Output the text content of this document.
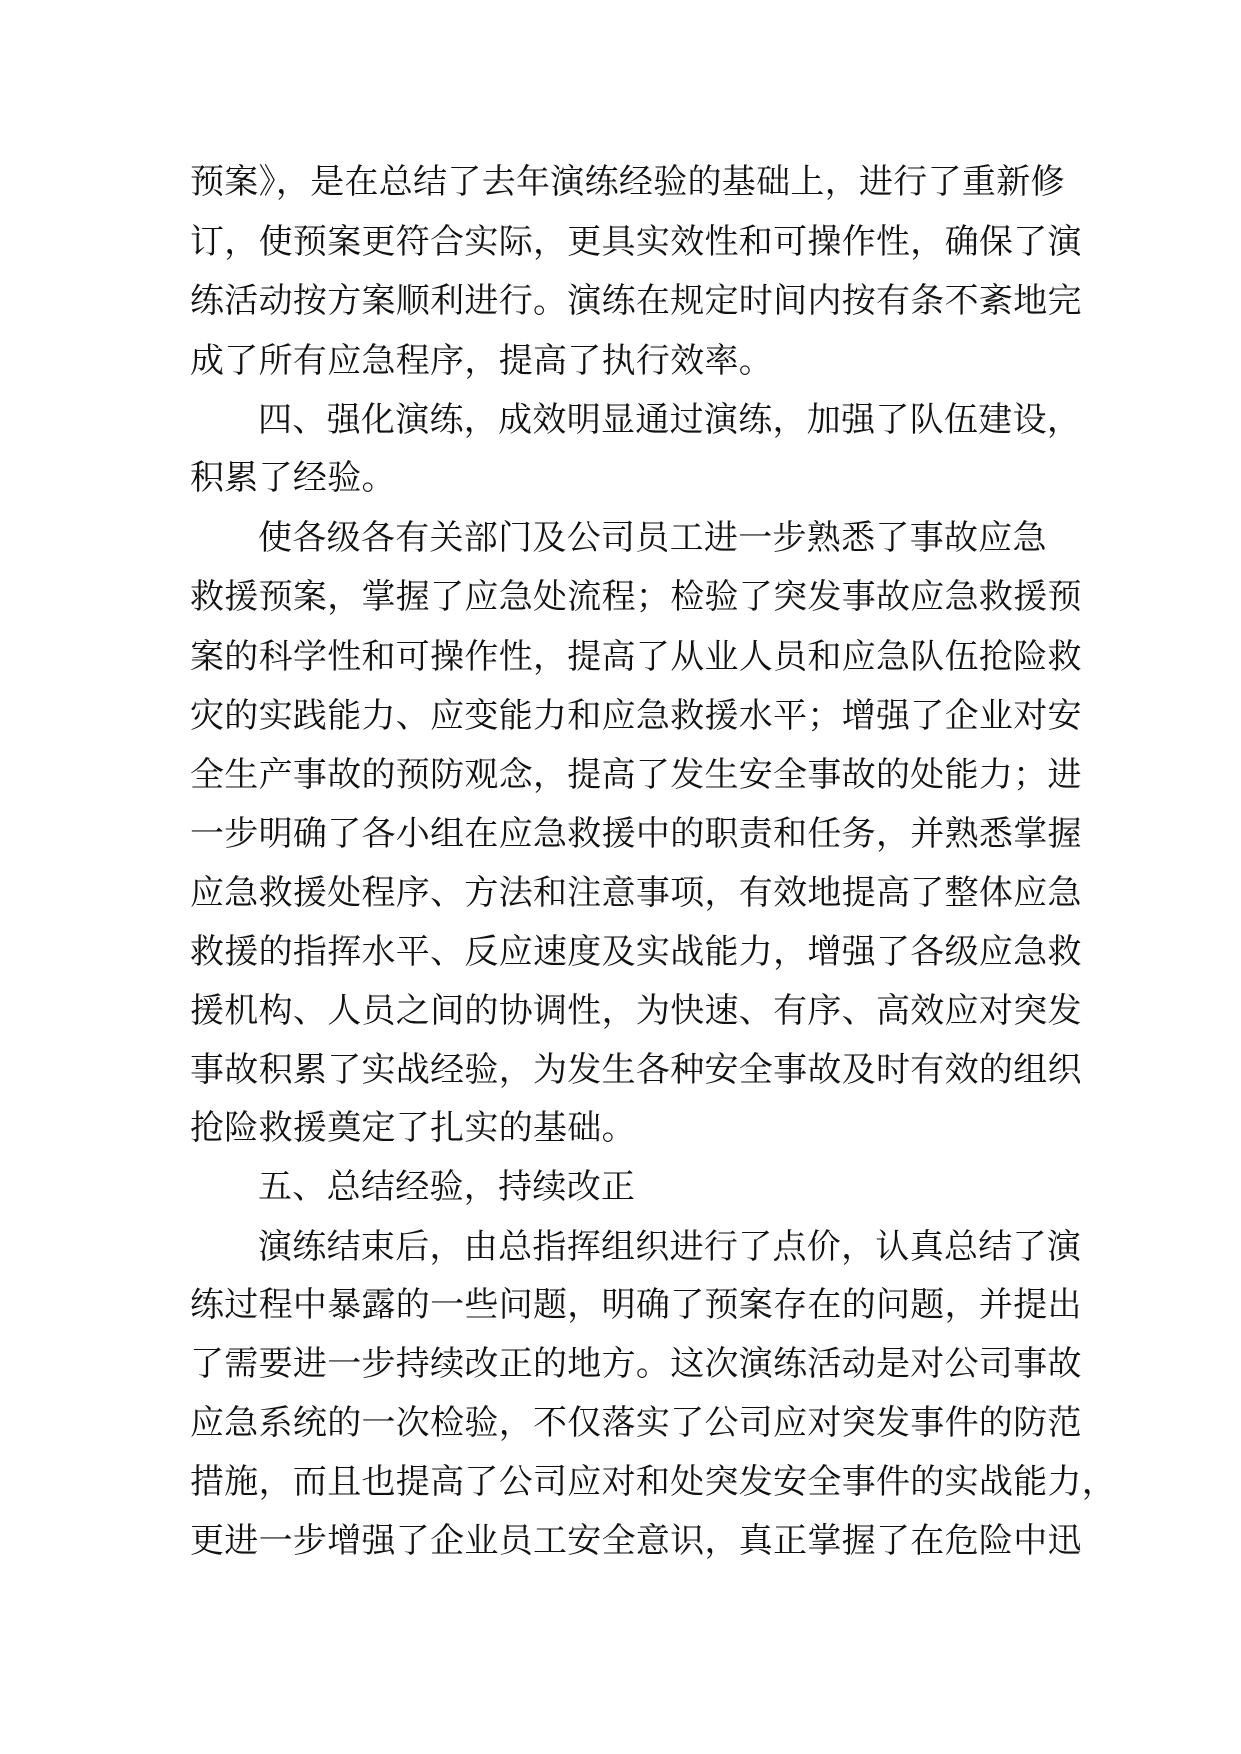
预案》，是在总结了去年演练经验的基础上，进行了重新修
订，使预案更符合实际，更具实效性和可操作性，确保了演
练活动按方案顺利进行。演练在规定时间内按有条不紊地完
成了所有应急程序，提高了执行效率。
四、强化演练，成效明显通过演练，加强了队伍建设，
积累了经验。
使各级各有关部门及公司员工进一步熟悉了事故应急
救援预案，掌握了应急处流程；检验了突发事故应急救援预
案的科学性和可操作性，提高了从业人员和应急队伍抢险救
灾的实践能力、应变能力和应急救援水平；增强了企业对安
全生产事故的预防观念，提高了发生安全事故的处能力；进
一步明确了各小组在应急救援中的职责和任务，并熟悉掌握
应急救援处程序、方法和注意事项，有效地提高了整体应急
救援的指挥水平、反应速度及实战能力，增强了各级应急救
援机构、人员之间的协调性，为快速、有序、高效应对突发
事故积累了实战经验，为发生各种安全事故及时有效的组织
抢险救援奠定了扎实的基础。
五、总结经验，持续改正
演练结束后，由总指挥组织进行了点价，认真总结了演
练过程中暴露的一些问题，明确了预案存在的问题，并提出
了需要进一步持续改正的地方。这次演练活动是对公司事故
应急系统的一次检验，不仅落实了公司应对突发事件的防范
措施，而且也提高了公司应对和处突发安全事件的实战能力，
更进一步增强了企业员工安全意识，真正掌握了在危险中迅
